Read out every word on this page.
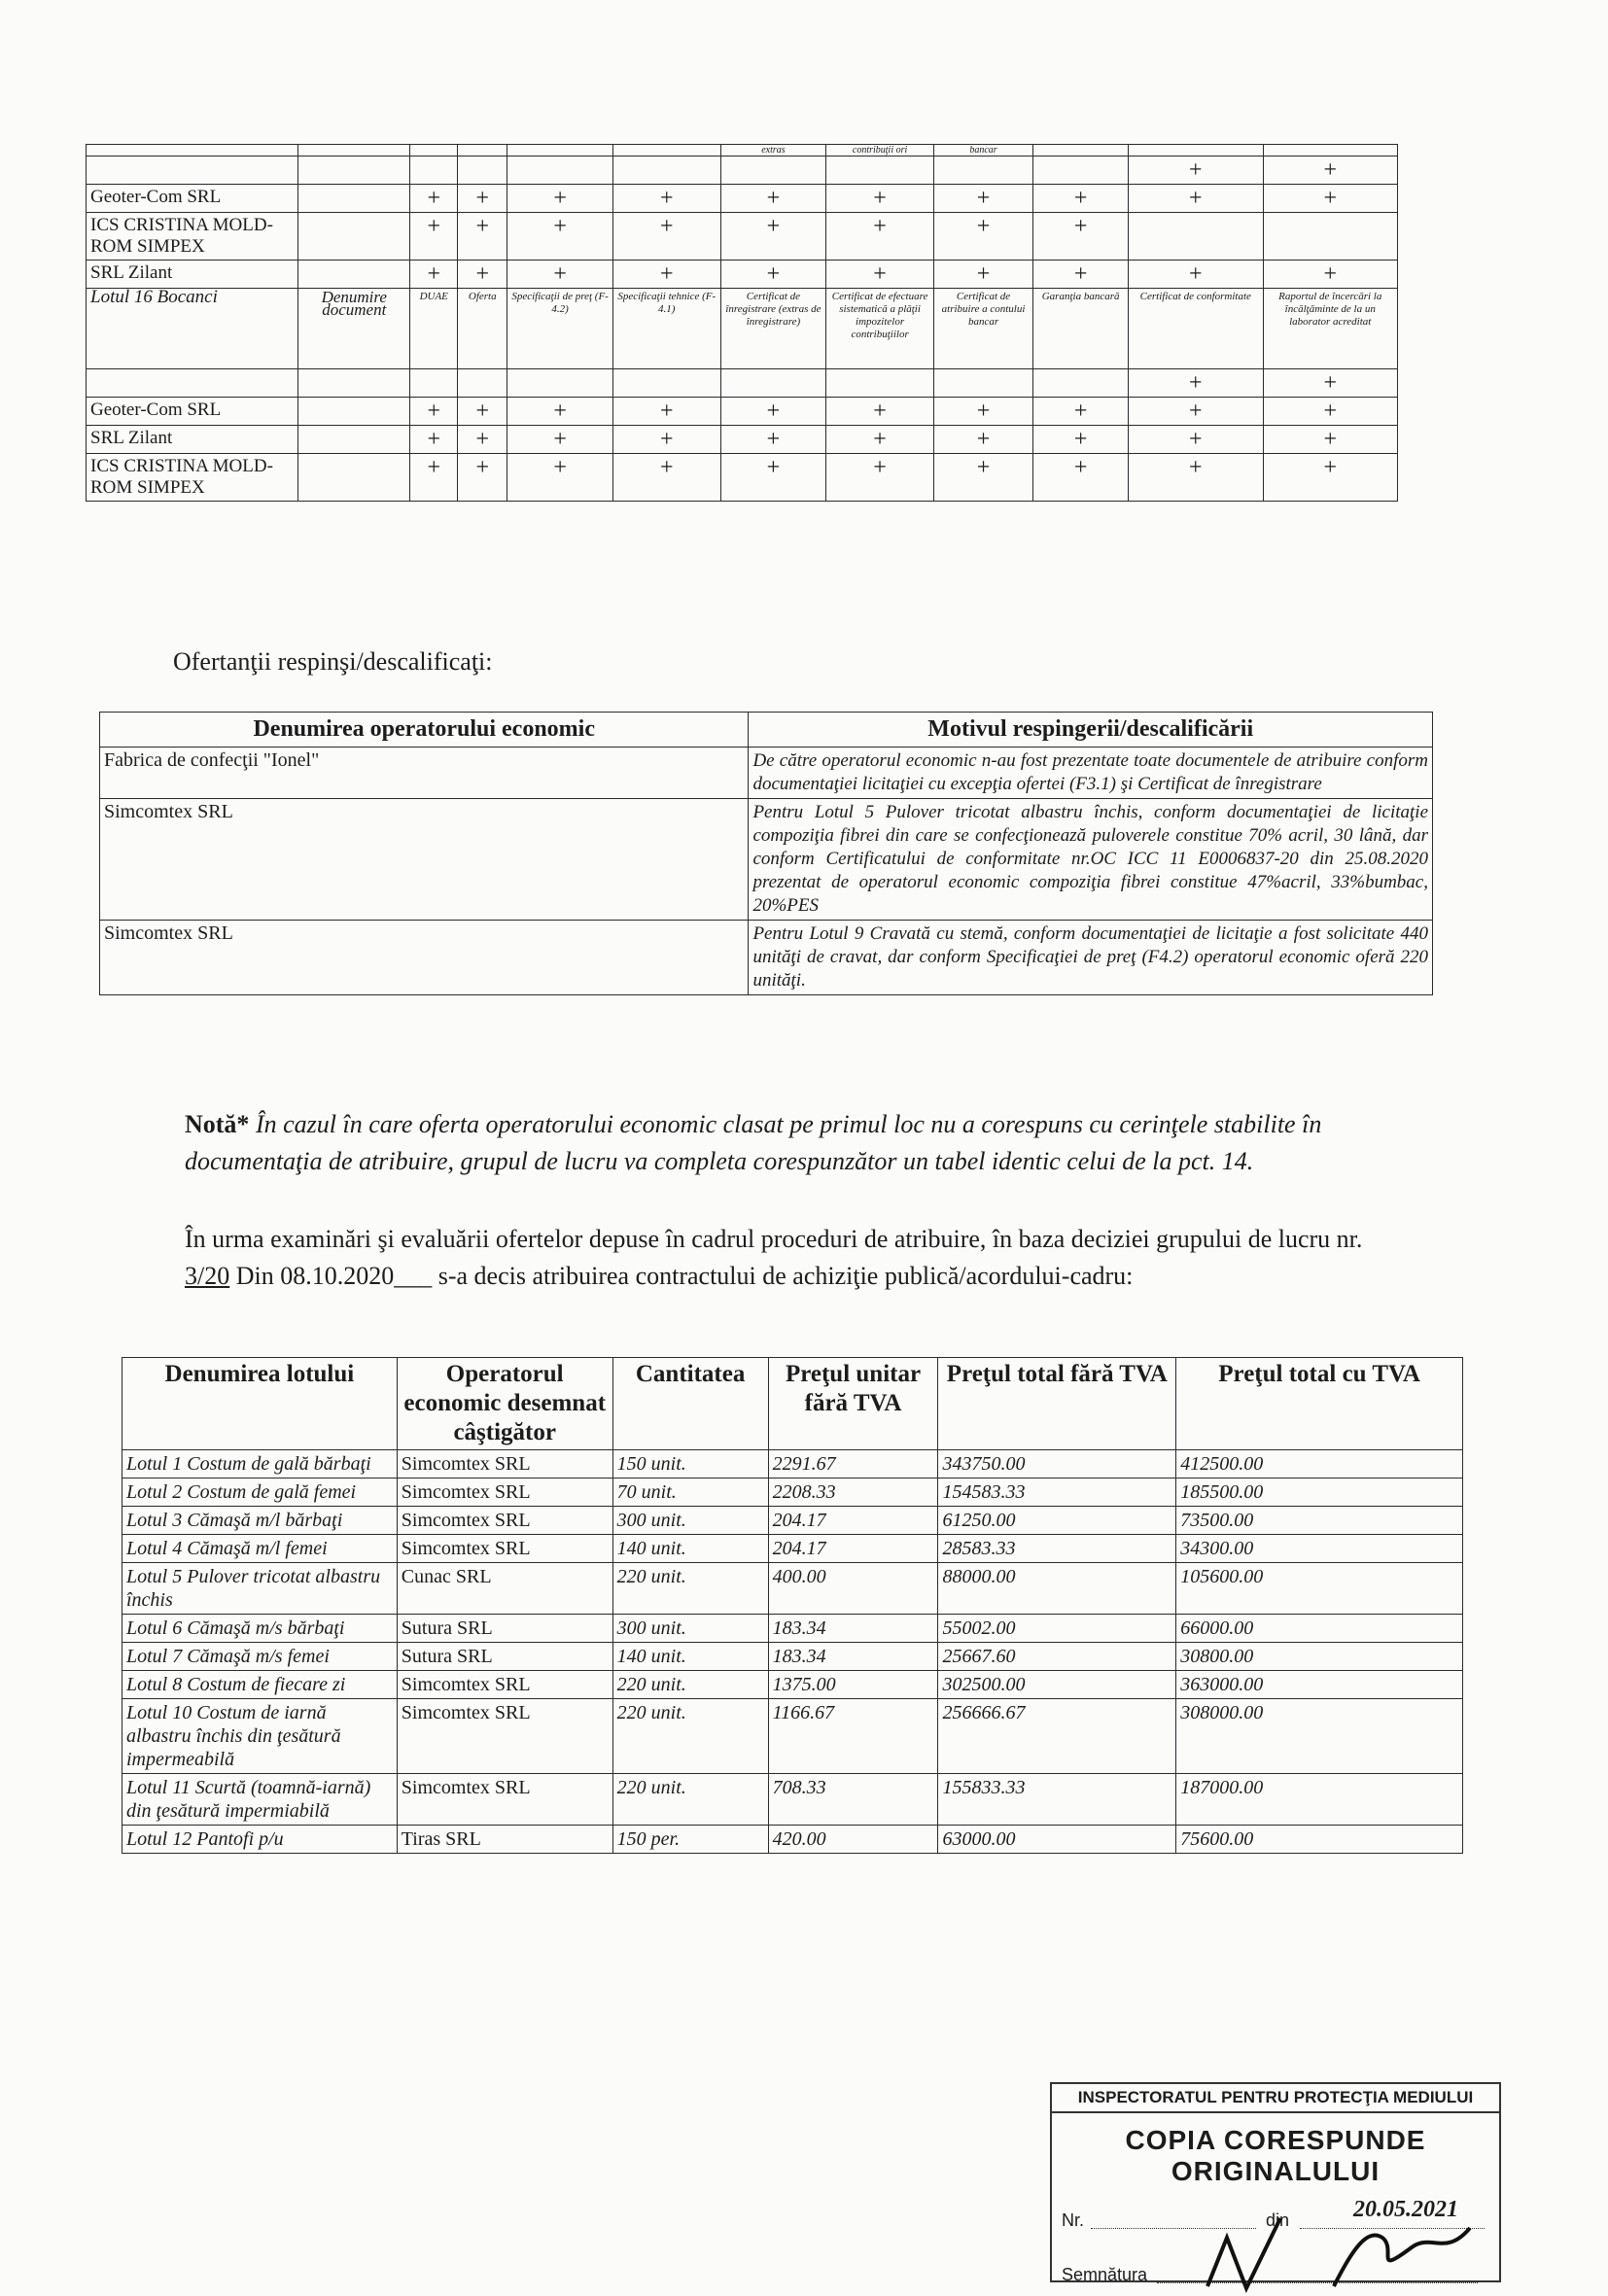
						extras	contribuţii ori	bancar			
										+	+
Geoter-Com SRL		+	+	+	+	+	+	+	+	+	+
ICS CRISTINA MOLD-ROM SIMPEX		+	+	+	+	+	+	+	+		
SRL Zilant		+	+	+	+	+	+	+	+	+	+
Lotul 16 Bocanci	Denumire document	DUAE	Oferta	Specificaţii de preţ (F-4.2)	Specificaţii tehnice (F-4.1)	Certificat de înregistrare (extras de înregistrare)	Certificat de efectuare sistematică a plăţii impozitelor contribuţiilor	Certificat de atribuire a contului bancar	Garanţia bancară	Certificat de conformitate	Raportul de încercări la încălţăminte de la un laborator acreditat
										+	+
Geoter-Com SRL		+	+	+	+	+	+	+	+	+	+
SRL Zilant		+	+	+	+	+	+	+	+	+	+
ICS CRISTINA MOLD-ROM SIMPEX		+	+	+	+	+	+	+	+	+	+
Ofertanţii respinşi/descalificaţi:
Denumirea operatorului economic	Motivul respingerii/descalificării
Fabrica de confecţii "Ionel"	De către operatorul economic n-au fost prezentate toate documentele de atribuire conform documentaţiei licitaţiei cu excepţia ofertei (F3.1) şi Certificat de înregistrare
Simcomtex SRL	Pentru Lotul 5 Pulover tricotat albastru închis, conform documentaţiei de licitaţie compoziţia fibrei din care se confecţionează puloverele constitue 70% acril, 30 lână, dar conform Certificatului de conformitate nr.OC ICC 11 E0006837-20 din 25.08.2020 prezentat de operatorul economic compoziţia fibrei constitue 47%acril, 33%bumbac, 20%PES
Simcomtex SRL	Pentru Lotul 9 Cravată cu stemă, conform documentaţiei de licitaţie a fost solicitate 440 unităţi de cravat, dar conform Specificaţiei de preţ (F4.2) operatorul economic oferă 220 unităţi.
Notă* În cazul în care oferta operatorului economic clasat pe primul loc nu a corespuns cu cerinţele stabilite în documentaţia de atribuire, grupul de lucru va completa corespunzător un tabel identic celui de la pct. 14.
În urma examinări şi evaluării ofertelor depuse în cadrul proceduri de atribuire, în baza deciziei grupului de lucru nr. 3/20 Din 08.10.2020___ s-a decis atribuirea contractului de achiziţie publică/acordului-cadru:
Denumirea lotului	Operatorul economic desemnat câştigător	Cantitatea	Preţul unitar fără TVA	Preţul total fără TVA	Preţul total cu TVA
Lotul 1 Costum de gală bărbaţi	Simcomtex SRL	150 unit.	2291.67	343750.00	412500.00
Lotul 2 Costum de gală femei	Simcomtex SRL	70 unit.	2208.33	154583.33	185500.00
Lotul 3 Cămaşă m/l bărbaţi	Simcomtex SRL	300 unit.	204.17	61250.00	73500.00
Lotul 4 Cămaşă m/l femei	Simcomtex SRL	140 unit.	204.17	28583.33	34300.00
Lotul 5 Pulover tricotat albastru închis	Cunac SRL	220 unit.	400.00	88000.00	105600.00
Lotul 6 Cămaşă m/s bărbaţi	Sutura SRL	300 unit.	183.34	55002.00	66000.00
Lotul 7 Cămaşă m/s femei	Sutura SRL	140 unit.	183.34	25667.60	30800.00
Lotul 8 Costum de fiecare zi	Simcomtex SRL	220 unit.	1375.00	302500.00	363000.00
Lotul 10 Costum de iarnă albastru închis din ţesătură impermeabilă	Simcomtex SRL	220 unit.	1166.67	256666.67	308000.00
Lotul 11 Scurtă (toamnă-iarnă) din ţesătură impermiabilă	Simcomtex SRL	220 unit.	708.33	155833.33	187000.00
Lotul 12 Pantofi p/u	Tiras SRL	150 per.	420.00	63000.00	75600.00
INSPECTORATUL PENTRU PROTECŢIA MEDIULUI
COPIA CORESPUNDE ORIGINALULUI
Nr.	din	20.05.2021
Semnătura
